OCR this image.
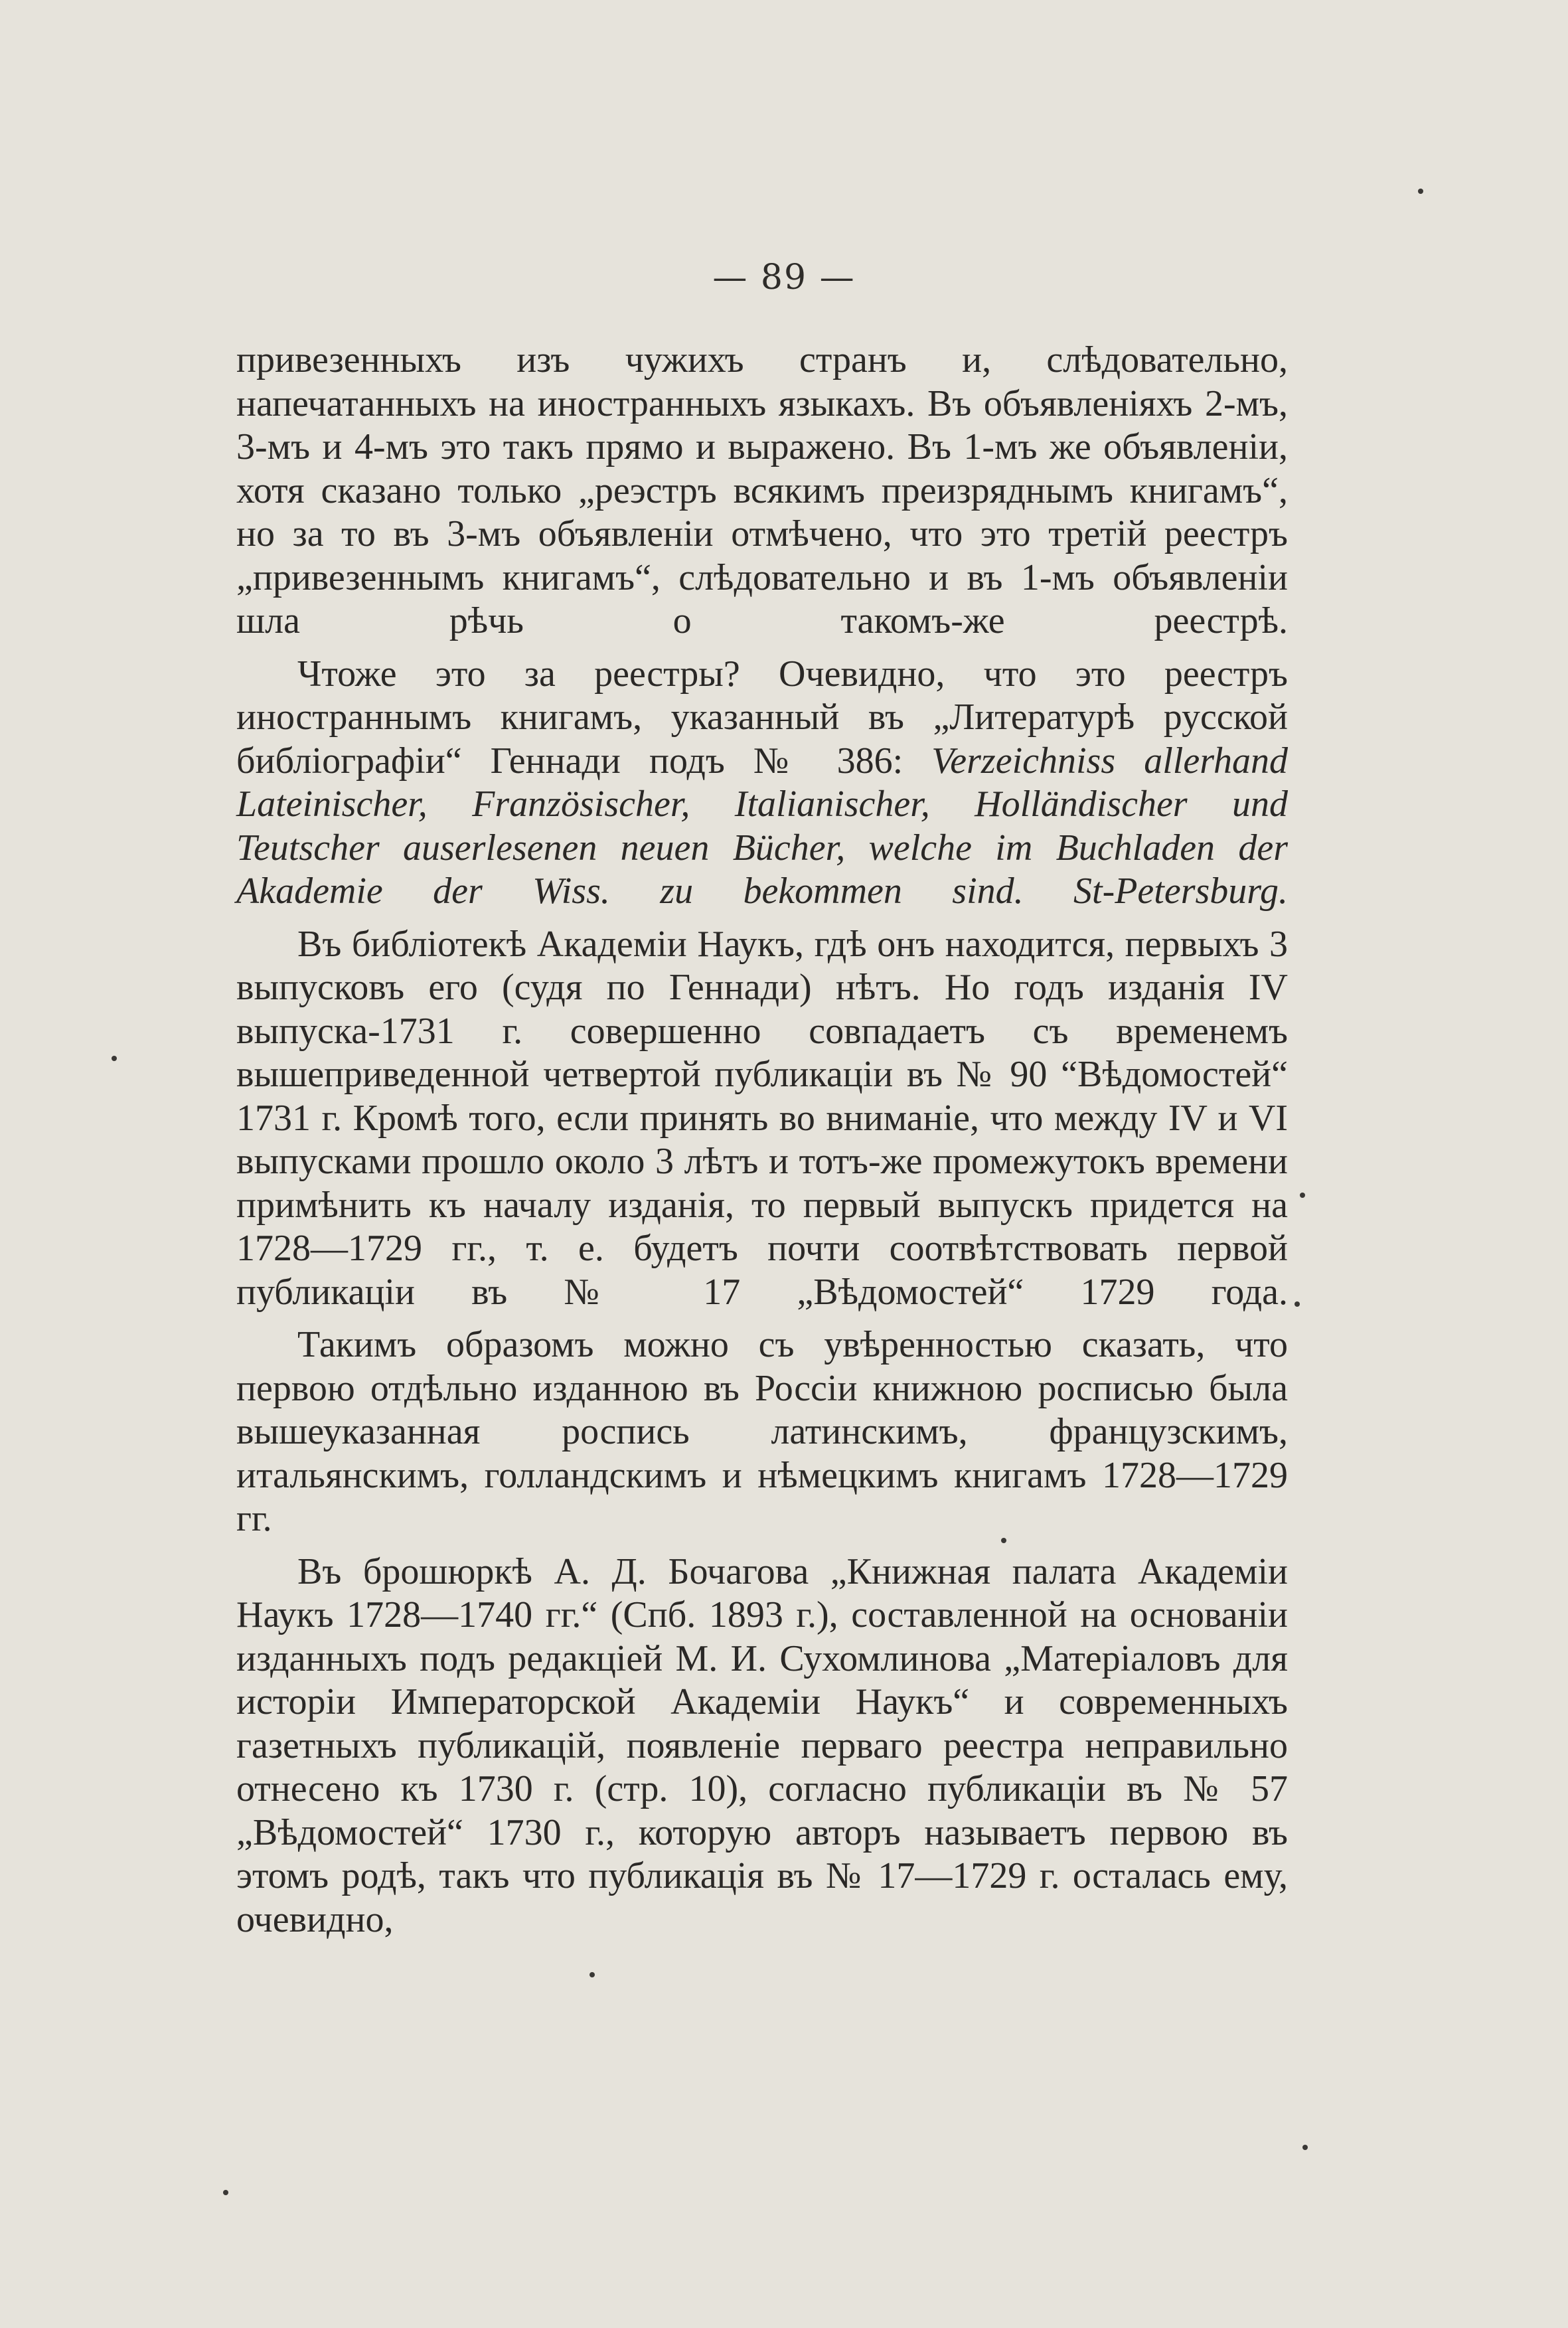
— 89 —

привезенныхъ изъ чужихъ странъ и, слѣдовательно, напечатанныхъ на иностранныхъ языкахъ. Въ объявленіяхъ 2-мъ, 3-мъ и 4-мъ это такъ прямо и выражено. Въ 1-мъ же объявленіи, хотя сказано только „реэстръ всякимъ преизряднымъ книгамъ“, но за то въ 3-мъ объявленіи отмѣчено, что это третій реестръ „привезеннымъ книгамъ“, слѣдовательно и въ 1-мъ объявленіи шла рѣчь о такомъ-же реестрѣ.

Чтоже это за реестры? Очевидно, что это реестръ иностраннымъ книгамъ, указанный въ „Литературѣ русской библіографіи“ Геннади подъ № 386: Verzeichniss allerhand Lateinischer, Französischer, Italianischer, Holländischer und Teutscher auserlesenen neuen Bücher, welche im Buchladen der Akademie der Wiss. zu bekommen sind. St-Petersburg.

Въ библіотекѣ Академіи Наукъ, гдѣ онъ находится, первыхъ 3 выпусковъ его (судя по Геннади) нѣтъ. Но годъ изданія IV выпуска-1731 г. совершенно совпадаетъ съ временемъ вышеприведенной четвертой публикаціи въ № 90 “Вѣдомостей“ 1731 г. Кромѣ того, если принять во вниманіе, что между IV и VI выпусками прошло около 3 лѣтъ и тотъ-же промежутокъ времени примѣнить къ началу изданія, то первый выпускъ придется на 1728—1729 гг., т. е. будетъ почти соотвѣтствовать первой публикаціи въ № 17 „Вѣдомостей“ 1729 года.

Такимъ образомъ можно съ увѣренностью сказать, что первою отдѣльно изданною въ Россіи книжною росписью была вышеуказанная роспись латинскимъ, французскимъ, итальянскимъ, голландскимъ и нѣмецкимъ книгамъ 1728—1729 гг.

Въ брошюркѣ А. Д. Бочагова „Книжная палата Академіи Наукъ 1728—1740 гг.“ (Спб. 1893 г.), составленной на основаніи изданныхъ подъ редакціей М. И. Сухомлинова „Матеріаловъ для исторіи Императорской Академіи Наукъ“ и современныхъ газетныхъ публикацій, появленіе перваго реестра неправильно отнесено къ 1730 г. (стр. 10), согласно публикаціи въ № 57 „Вѣдомостей“ 1730 г., которую авторъ называетъ первою въ этомъ родѣ, такъ что публикація въ № 17—1729 г. осталась ему, очевидно,
